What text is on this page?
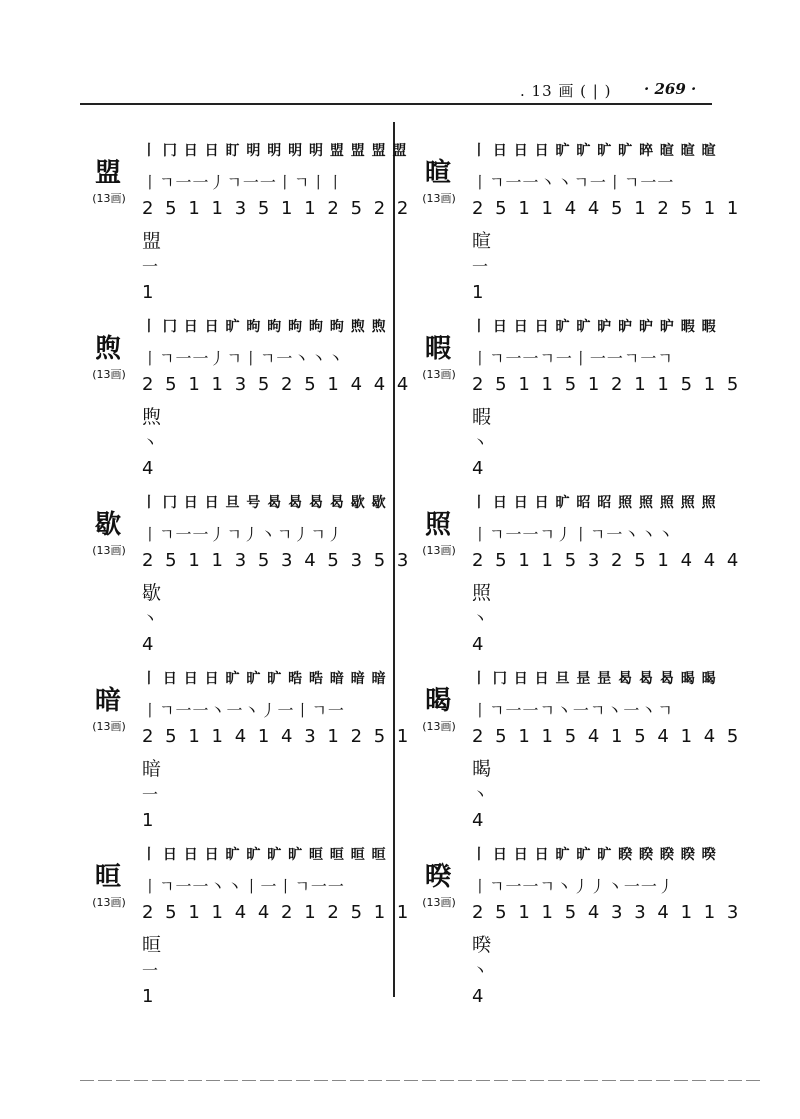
. 13 画 ( | ) · 269 ·
盟
(13画)
丨 冂 日 日 盯 明 明 明 明 盟 盟 盟 盟
丨ㄱ一一丿ㄱ一一丨ㄱ丨丨
2 5 1 1 3 5 1 1 2 5 2 2
盟
一
1
煦
(13画)
丨 冂 日 日 旷 昫 昫 昫 昫 昫 煦 煦
丨ㄱ一一丿ㄱ丨ㄱ一丶丶丶
2 5 1 1 3 5 2 5 1 4 4 4
煦
丶
4
歇
(13画)
丨 冂 日 日 旦 号 曷 曷 曷 曷 歇 歇
丨ㄱ一一丿ㄱ丿丶ㄱ丿ㄱ丿
2 5 1 1 3 5 3 4 5 3 5 3
歇
丶
4
暗
(13画)
丨 日 日 日 旷 旷 旷 晧 晧 暗 暗 暗
丨ㄱ一一丶一丶丿一丨ㄱ一
2 5 1 1 4 1 4 3 1 2 5 1
暗
一
1
晅
(13画)
丨 日 日 日 旷 旷 旷 旷 晅 晅 晅 晅
丨ㄱ一一丶丶丨一丨ㄱ一一
2 5 1 1 4 4 2 1 2 5 1 1
晅
一
1
暄
(13画)
丨 日 日 日 旷 旷 旷 旷 晬 暄 暄 暄
丨ㄱ一一丶丶ㄱ一丨ㄱ一一
2 5 1 1 4 4 5 1 2 5 1 1
暄
一
1
暇
(13画)
丨 日 日 日 旷 旷 昈 昈 昈 昈 暇 暇
丨ㄱ一一ㄱ一丨一一ㄱ一ㄱ
2 5 1 1 5 1 2 1 1 5 1 5
暇
丶
4
照
(13画)
丨 日 日 日 旷 昭 昭 照 照 照 照 照
丨ㄱ一一ㄱ丿丨ㄱ一丶丶丶
2 5 1 1 5 3 2 5 1 4 4 4
照
丶
4
暍
(13画)
丨 冂 日 日 旦 昰 昰 曷 曷 曷 暍 暍
丨ㄱ一一ㄱ丶一ㄱ丶一丶ㄱ
2 5 1 1 5 4 1 5 4 1 4 5
暍
丶
4
暌
(13画)
丨 日 日 日 旷 旷 旷 睽 睽 睽 睽 暌
丨ㄱ一一ㄱ丶丿丿丶一一丿
2 5 1 1 5 4 3 3 4 1 1 3
暌
丶
4
